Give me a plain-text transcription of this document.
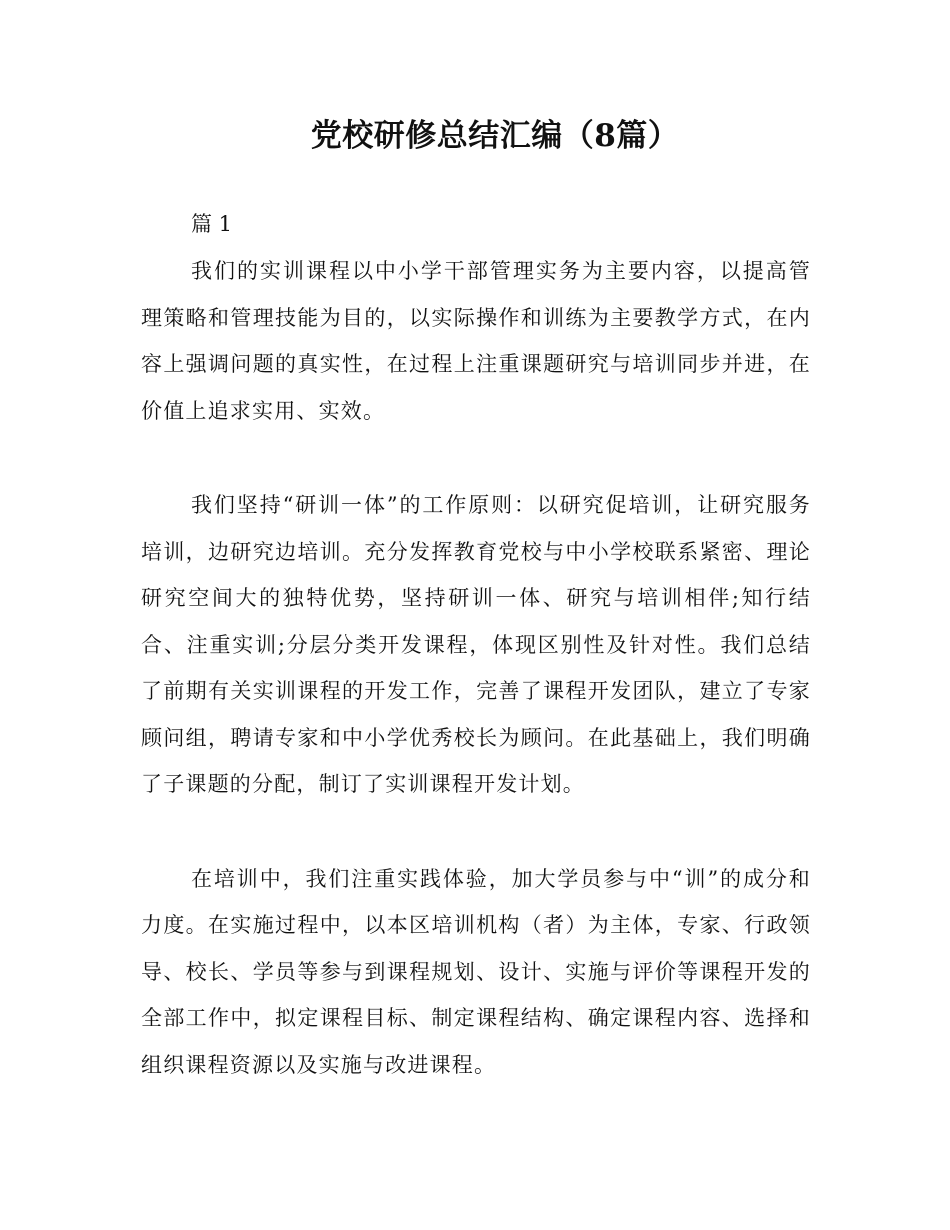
党校研修总结汇编（8篇）

篇 1

我们的实训课程以中小学干部管理实务为主要内容，以提高管理策略和管理技能为目的，以实际操作和训练为主要教学方式，在内容上强调问题的真实性，在过程上注重课题研究与培训同步并进，在价值上追求实用、实效。

我们坚持“研训一体”的工作原则：以研究促培训，让研究服务培训，边研究边培训。充分发挥教育党校与中小学校联系紧密、理论研究空间大的独特优势，坚持研训一体、研究与培训相伴;知行结合、注重实训;分层分类开发课程，体现区别性及针对性。我们总结了前期有关实训课程的开发工作，完善了课程开发团队，建立了专家顾问组，聘请专家和中小学优秀校长为顾问。在此基础上，我们明确了子课题的分配，制订了实训课程开发计划。

在培训中，我们注重实践体验，加大学员参与中“训”的成分和力度。在实施过程中，以本区培训机构（者）为主体，专家、行政领导、校长、学员等参与到课程规划、设计、实施与评价等课程开发的全部工作中，拟定课程目标、制定课程结构、确定课程内容、选择和组织课程资源以及实施与改进课程。
